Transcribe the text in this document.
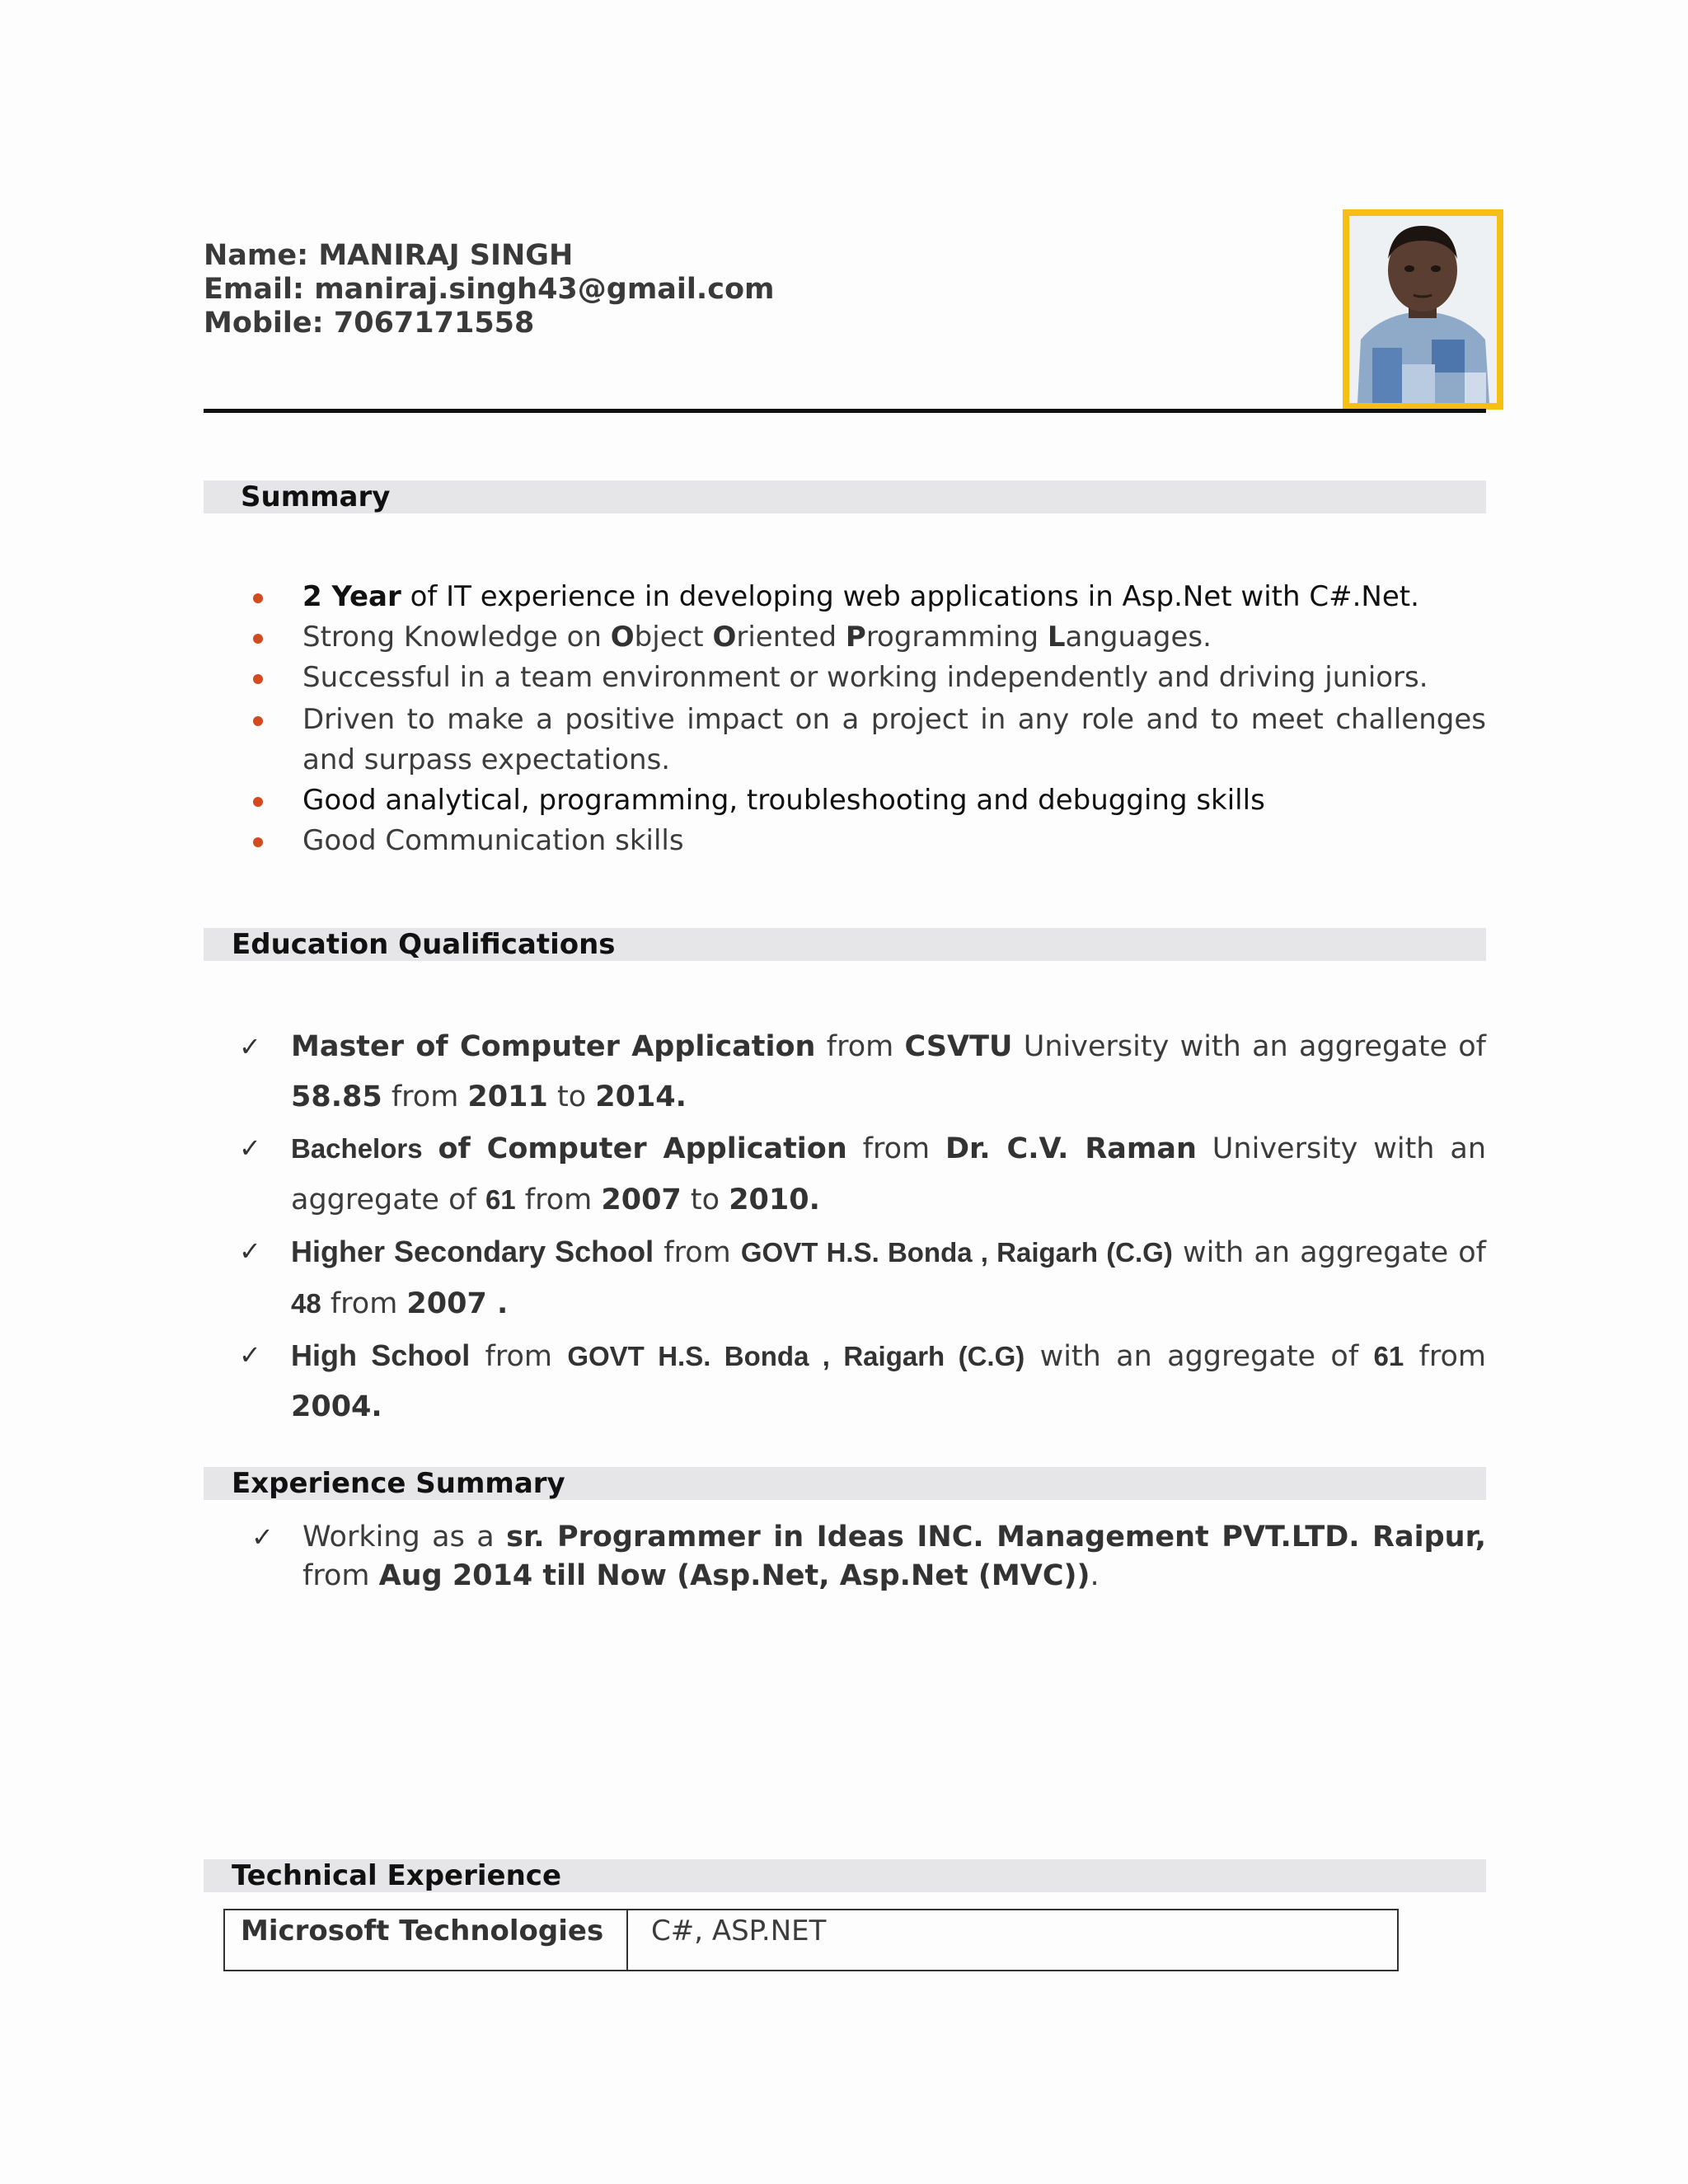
Name: MANIRAJ SINGH
Email: maniraj.singh43@gmail.com
Mobile: 7067171558
Summary
2 Year of IT experience in developing web applications in Asp.Net with C#.Net.
Strong Knowledge on Object Oriented Programming Languages.
Successful in a team environment or working independently and driving juniors.
Driven to make a positive impact on a project in any role and to meet challenges and surpass expectations.
Good analytical, programming, troubleshooting and debugging skills
Good Communication skills
Education Qualifications
✓ Master of Computer Application from CSVTU University with an aggregate of 58.85 from 2011 to 2014.
✓ Bachelors of Computer Application from Dr. C.V. Raman University with an aggregate of 61 from 2007 to 2010.
✓ Higher Secondary School from GOVT H.S. Bonda , Raigarh (C.G) with an aggregate of 48 from 2007 .
✓ High School from GOVT H.S. Bonda , Raigarh (C.G) with an aggregate of 61 from 2004.
Experience Summary
✓ Working as a sr. Programmer in Ideas INC. Management PVT.LTD. Raipur, from Aug 2014 till Now (Asp.Net, Asp.Net (MVC)).
Technical Experience
Microsoft Technologies	C#, ASP.NET
